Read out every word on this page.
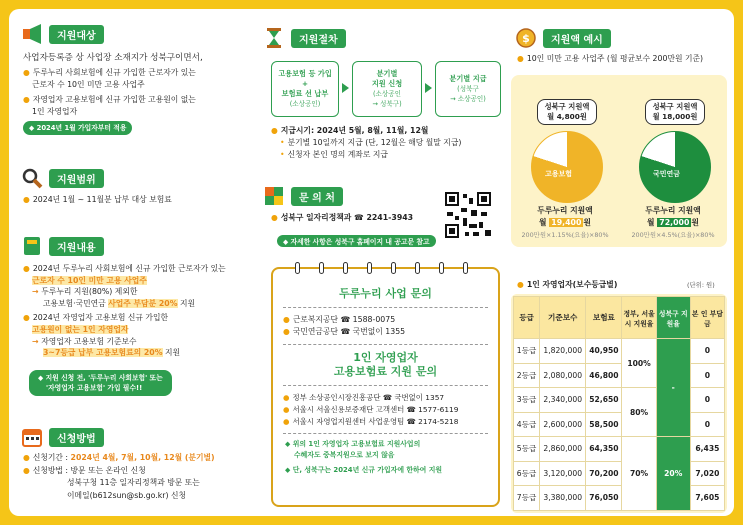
지원대상
사업자등록증 상 사업장 소재지가 성북구이면서,
● 두루누리 사회보험에 신규 가입한 근로자가 있는
근로자 수 10인 미만 고용 사업주
● 자영업자 고용보험에 신규 가입한 고용원이 없는
1인 자영업자
◆ 2024년 1월 가입자부터 적용
지원범위
● 2024년 1월 ~ 11월분 납부 대상 보험료
지원내용
● 2024년 두루누리 사회보험에 신규 가입한 근로자가 있는
근로자 수 10인 미만 고용 사업주
→ 두루누리 지원(80%) 제외한
고용보험·국민연금 사업주 부담분 20% 지원
● 2024년 자영업자 고용보험 신규 가입한
고용원이 없는 1인 자영업자
→ 자영업자 고용보험 기준보수
3~7등급 납부 고용보험료의 20% 지원
◆ 지원 신청 전, '두루누리 사회보험' 또는
'자영업자 고용보험' 가입 필수!!
신청방법
● 신청기간 : 2024년 4월, 7월, 10월, 12월 (분기별)
● 신청방법 : 방문 또는 온라인 신청
성북구청 11층 일자리정책과 방문 또는
이메일(b612sun@sb.go.kr) 신청
지원절차
고용보험 등 가입
+
보험료 선 납부
(소상공인)
분기별
지원 신청
(소상공인
→ 성북구)
분기별 지급
(성북구
→ 소상공인)
● 지급시기: 2024년 5월, 8월, 11월, 12월
• 분기별 10일까지 지급 (단, 12월은 해당 월말 지급)
• 신청자 본인 명의 계좌로 지급
문 의 처
● 성북구 일자리정책과 ☎ 2241-3943
◆ 자세한 사항은 성북구 홈페이지 내 공고문 참고
두루누리 사업 문의
● 근로복지공단 ☎ 1588-0075
● 국민연금공단 ☎ 국번없이 1355
1인 자영업자
고용보험료 지원 문의
● 정부 소상공인시장진흥공단 ☎ 국번없이 1357
● 서울시 서울신용보증재단 고객센터 ☎ 1577-6119
● 서울시 자영업지원센터 사업운영팀 ☎ 2174-5218
◆ 위의 1인 자영업자 고용보험료 지원사업의
수혜자도 중복지원으로 보지 않음
◆ 단, 성북구는 2024년 신규 가입자에 한하여 지원
$	지원액 예시
● 10인 미만 고용 사업주 (월 평균보수 200만원 기준)
성북구 지원액
월 4,800원
고용보험
두루누리 지원액
월 19,400 원
200만원×1.15%(요율)×80%
성북구 지원액
월 18,000원
국민연금
두루누리 지원액
월 72,000 원
200만원×4.5%(요율)×80%
● 1인 자영업자(보수등급별)	(단위: 원)
등급	기준보수	보험료	정부, 서울시 지원율	성북구 지원율	본 인 부담금
1등급	1,820,000	40,950	100%	-	0
2등급	2,080,000	46,800			0
3등급	2,340,000	52,650	80%		0
4등급	2,600,000	58,500			0
5등급	2,860,000	64,350	70%	20%	6,435
6등급	3,120,000	70,200			7,020
7등급	3,380,000	76,050			7,605
